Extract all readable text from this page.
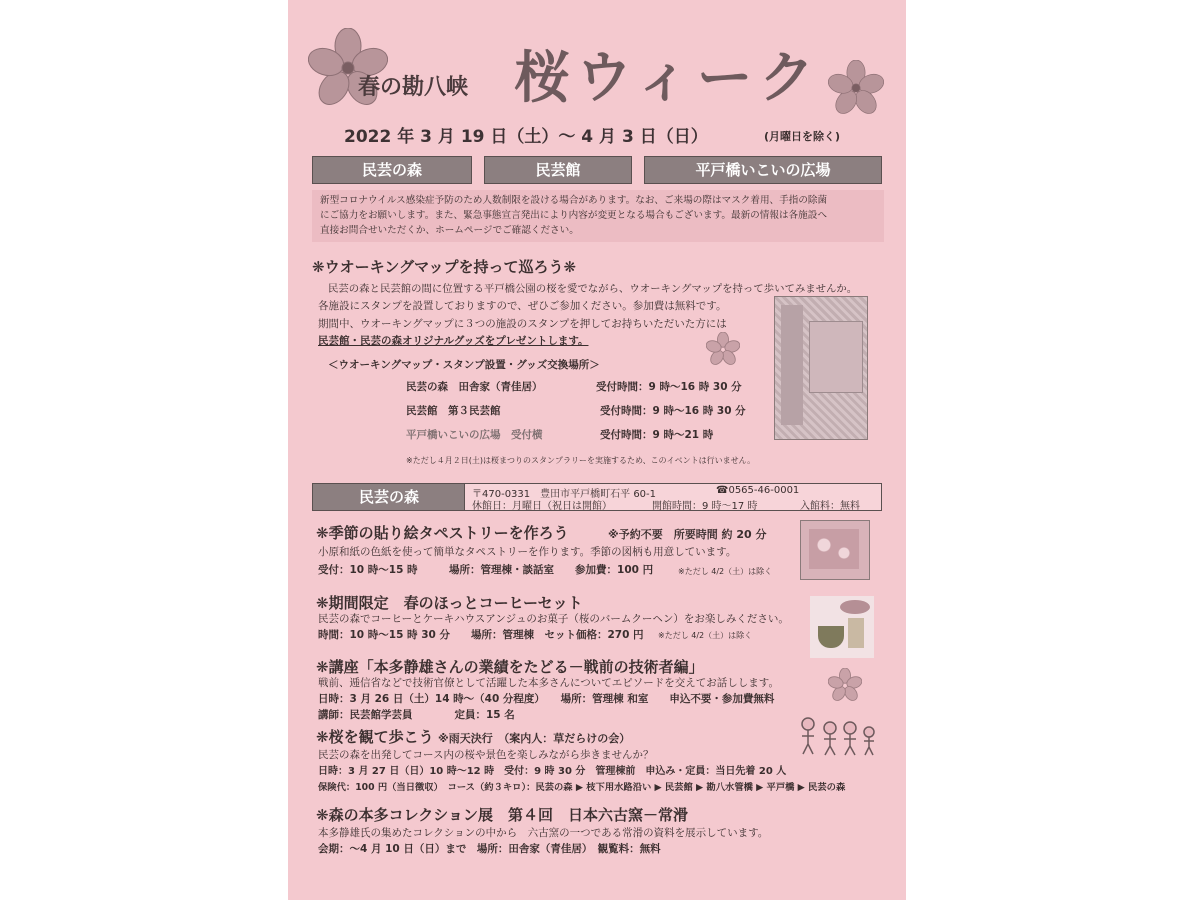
春の勘八峡 桜ウィーク
2022 年 3 月 19 日（土）～ 4 月 3 日（日）	(月曜日を除く)
民芸の森	民芸館	平戸橋いこいの広場
新型コロナウイルス感染症予防のため人数制限を設ける場合があります。なお、ご来場の際はマスク着用、手指の除菌
にご協力をお願いします。また、緊急事態宣言発出により内容が変更となる場合もございます。最新の情報は各施設へ
直接お問合せいただくか、ホームページでご確認ください。
❋ウオーキングマップを持って巡ろう❋
民芸の森と民芸館の間に位置する平戸橋公園の桜を愛でながら、ウオーキングマップを持って歩いてみませんか。
各施設にスタンプを設置しておりますので、ぜひご参加ください。参加費は無料です。
期間中、ウオーキングマップに３つの施設のスタンプを押してお持ちいただいた方には
民芸館・民芸の森オリジナルグッズをプレゼントします。
＜ウオーキングマップ・スタンプ設置・グッズ交換場所＞
民芸の森　田舎家（青佳居）	受付時間：9 時～16 時 30 分
民芸館　第３民芸館	受付時間：9 時～16 時 30 分
平戸橋いこいの広場　受付横	受付時間：9 時～21 時
※ただし４月２日(土)は桜まつりのスタンプラリーを実施するため、このイベントは行いません。
民芸の森	〒470-0331　豊田市平戸橋町石平 60-1	☎0565-46-0001
休館日：月曜日（祝日は開館）	開館時間：9 時～17 時	入館料：無料
❋季節の貼り絵タペストリーを作ろう	※予約不要　所要時間 約 20 分
小原和紙の色紙を使って簡単なタペストリーを作ります。季節の図柄も用意しています。
受付：10 時～15 時　　　場所：管理棟・談話室　　参加費：100 円	※ただし 4/2（土）は除く
❋期間限定　春のほっとコーヒーセット
民芸の森でコーヒーとケーキハウスアンジュのお菓子（桜のバームクーヘン）をお楽しみください。
時間：10 時～15 時 30 分　　場所：管理棟　セット価格：270 円 ※ただし 4/2（土）は除く
❋講座「本多静雄さんの業績をたどる－戦前の技術者編」
戦前、逓信省などで技術官僚として活躍した本多さんについてエピソードを交えてお話しします。
日時：3 月 26 日（土）14 時～（40 分程度）　　場所：管理棟 和室　　申込不要・参加費無料
講師：民芸館学芸員　　　　定員：15 名
❋桜を観て歩こう ※雨天決行　（案内人：草だらけの会）
民芸の森を出発してコース内の桜や景色を楽しみながら歩きませんか？
日時：3 月 27 日（日）10 時～12 時　受付：9 時 30 分　管理棟前　申込み・定員：当日先着 20 人
保険代：100 円（当日徴収）　コース（約３キロ）：民芸の森 ▶ 枝下用水路沿い ▶ 民芸館 ▶ 勘八水管橋 ▶ 平戸橋 ▶ 民芸の森
❋森の本多コレクション展　第４回　日本六古窯－常滑
本多静雄氏の集めたコレクションの中から　六古窯の一つである常滑の資料を展示しています。
会期：～4 月 10 日（日）まで　場所：田舎家（青佳居）　観覧料：無料
